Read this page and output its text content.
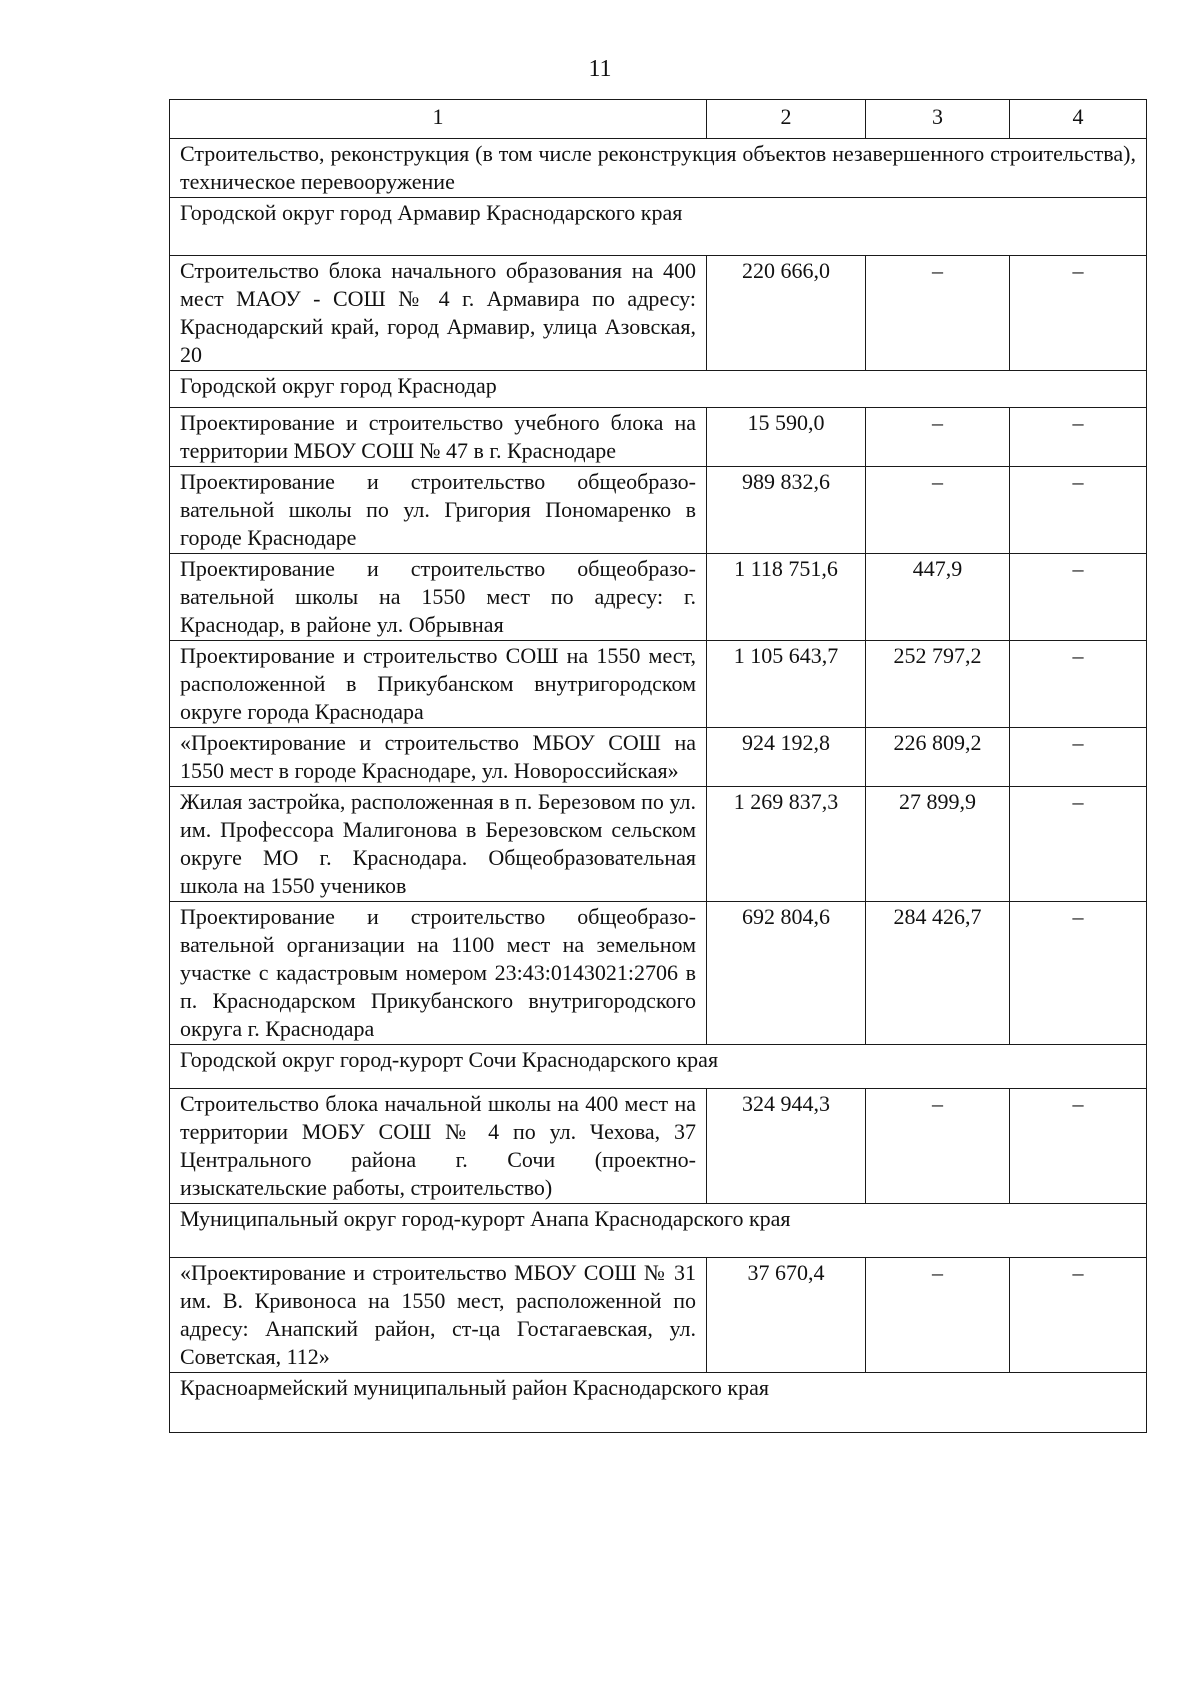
11
1	2	3	4
Строительство, реконструкция (в том числе реконструкция объектов незавершенного строительства), техническое перевооружение			
Городской округ город Армавир Краснодарского края			
Строительство блока начального образования на 400 мест МАОУ - СОШ № 4 г. Армавира по адресу: Краснодарский край, город Армавир, улица Азовская, 20	220 666,0	–	–
Городской округ город Краснодар			
Проектирование и строительство учебного блока на территории МБОУ СОШ № 47 в г. Краснодаре	15 590,0	–	–
Проектирование и строительство общеобразовательной школы по ул. Григория Пономаренко в городе Краснодаре	989 832,6	–	–
Проектирование и строительство общеобразовательной школы на 1550 мест по адресу: г. Краснодар, в районе ул. Обрывная	1 118 751,6	447,9	–
Проектирование и строительство СОШ на 1550 мест, расположенной в Прикубанском внутригородском округе города Краснодара	1 105 643,7	252 797,2	–
«Проектирование и строительство МБОУ СОШ на 1550 мест в городе Краснодаре, ул. Новороссийская»	924 192,8	226 809,2	–
Жилая застройка, расположенная в п. Березовом по ул. им. Профессора Малигонова в Березовском сельском округе МО г. Краснодара. Общеобразовательная школа на 1550 учеников	1 269 837,3	27 899,9	–
Проектирование и строительство общеобразовательной организации на 1100 мест на земельном участке с кадастровым номером 23:43:0143021:2706 в п. Краснодарском Прикубанского внутригородского округа г. Краснодара	692 804,6	284 426,7	–
Городской округ город-курорт Сочи Краснодарского края			
Строительство блока начальной школы на 400 мест на территории МОБУ СОШ № 4 по ул. Чехова, 37 Центрального района г. Сочи (проектно-изыскательские работы, строительство)	324 944,3	–	–
Муниципальный округ город-курорт Анапа Краснодарского края			
«Проектирование и строительство МБОУ СОШ № 31 им. В. Кривоноса на 1550 мест, расположенной по адресу: Анапский район, ст-ца Гостагаевская, ул. Советская, 112»	37 670,4	–	–
Красноармейский муниципальный район Краснодарского края			
